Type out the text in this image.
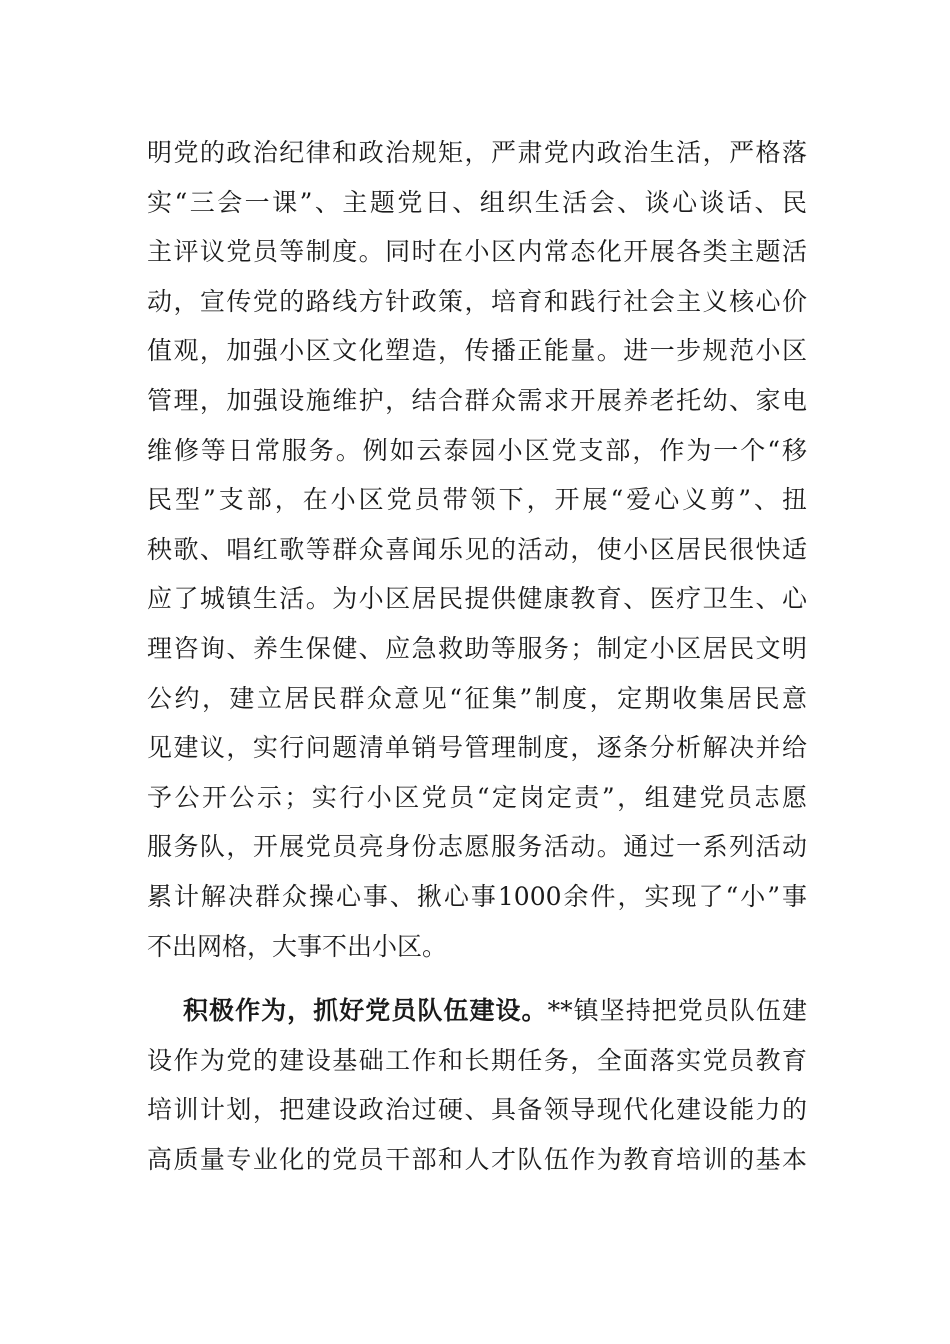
明党的政治纪律和政治规矩，严肃党内政治生活，严格落
实“三会一课”、主题党日、组织生活会、谈心谈话、民
主评议党员等制度。同时在小区内常态化开展各类主题活
动，宣传党的路线方针政策，培育和践行社会主义核心价
值观，加强小区文化塑造，传播正能量。进一步规范小区
管理，加强设施维护，结合群众需求开展养老托幼、家电
维修等日常服务。例如云泰园小区党支部，作为一个“移
民型”支部，在小区党员带领下，开展“爱心义剪”、扭
秧歌、唱红歌等群众喜闻乐见的活动，使小区居民很快适
应了城镇生活。为小区居民提供健康教育、医疗卫生、心
理咨询、养生保健、应急救助等服务；制定小区居民文明
公约，建立居民群众意见“征集”制度，定期收集居民意
见建议，实行问题清单销号管理制度，逐条分析解决并给
予公开公示；实行小区党员“定岗定责”，组建党员志愿
服务队，开展党员亮身份志愿服务活动。通过一系列活动
累计解决群众操心事、揪心事1000余件，实现了“小”事
不出网格，大事不出小区。
积极作为，抓好党员队伍建设。**镇坚持把党员队伍建
设作为党的建设基础工作和长期任务，全面落实党员教育
培训计划，把建设政治过硬、具备领导现代化建设能力的
高质量专业化的党员干部和人才队伍作为教育培训的基本
